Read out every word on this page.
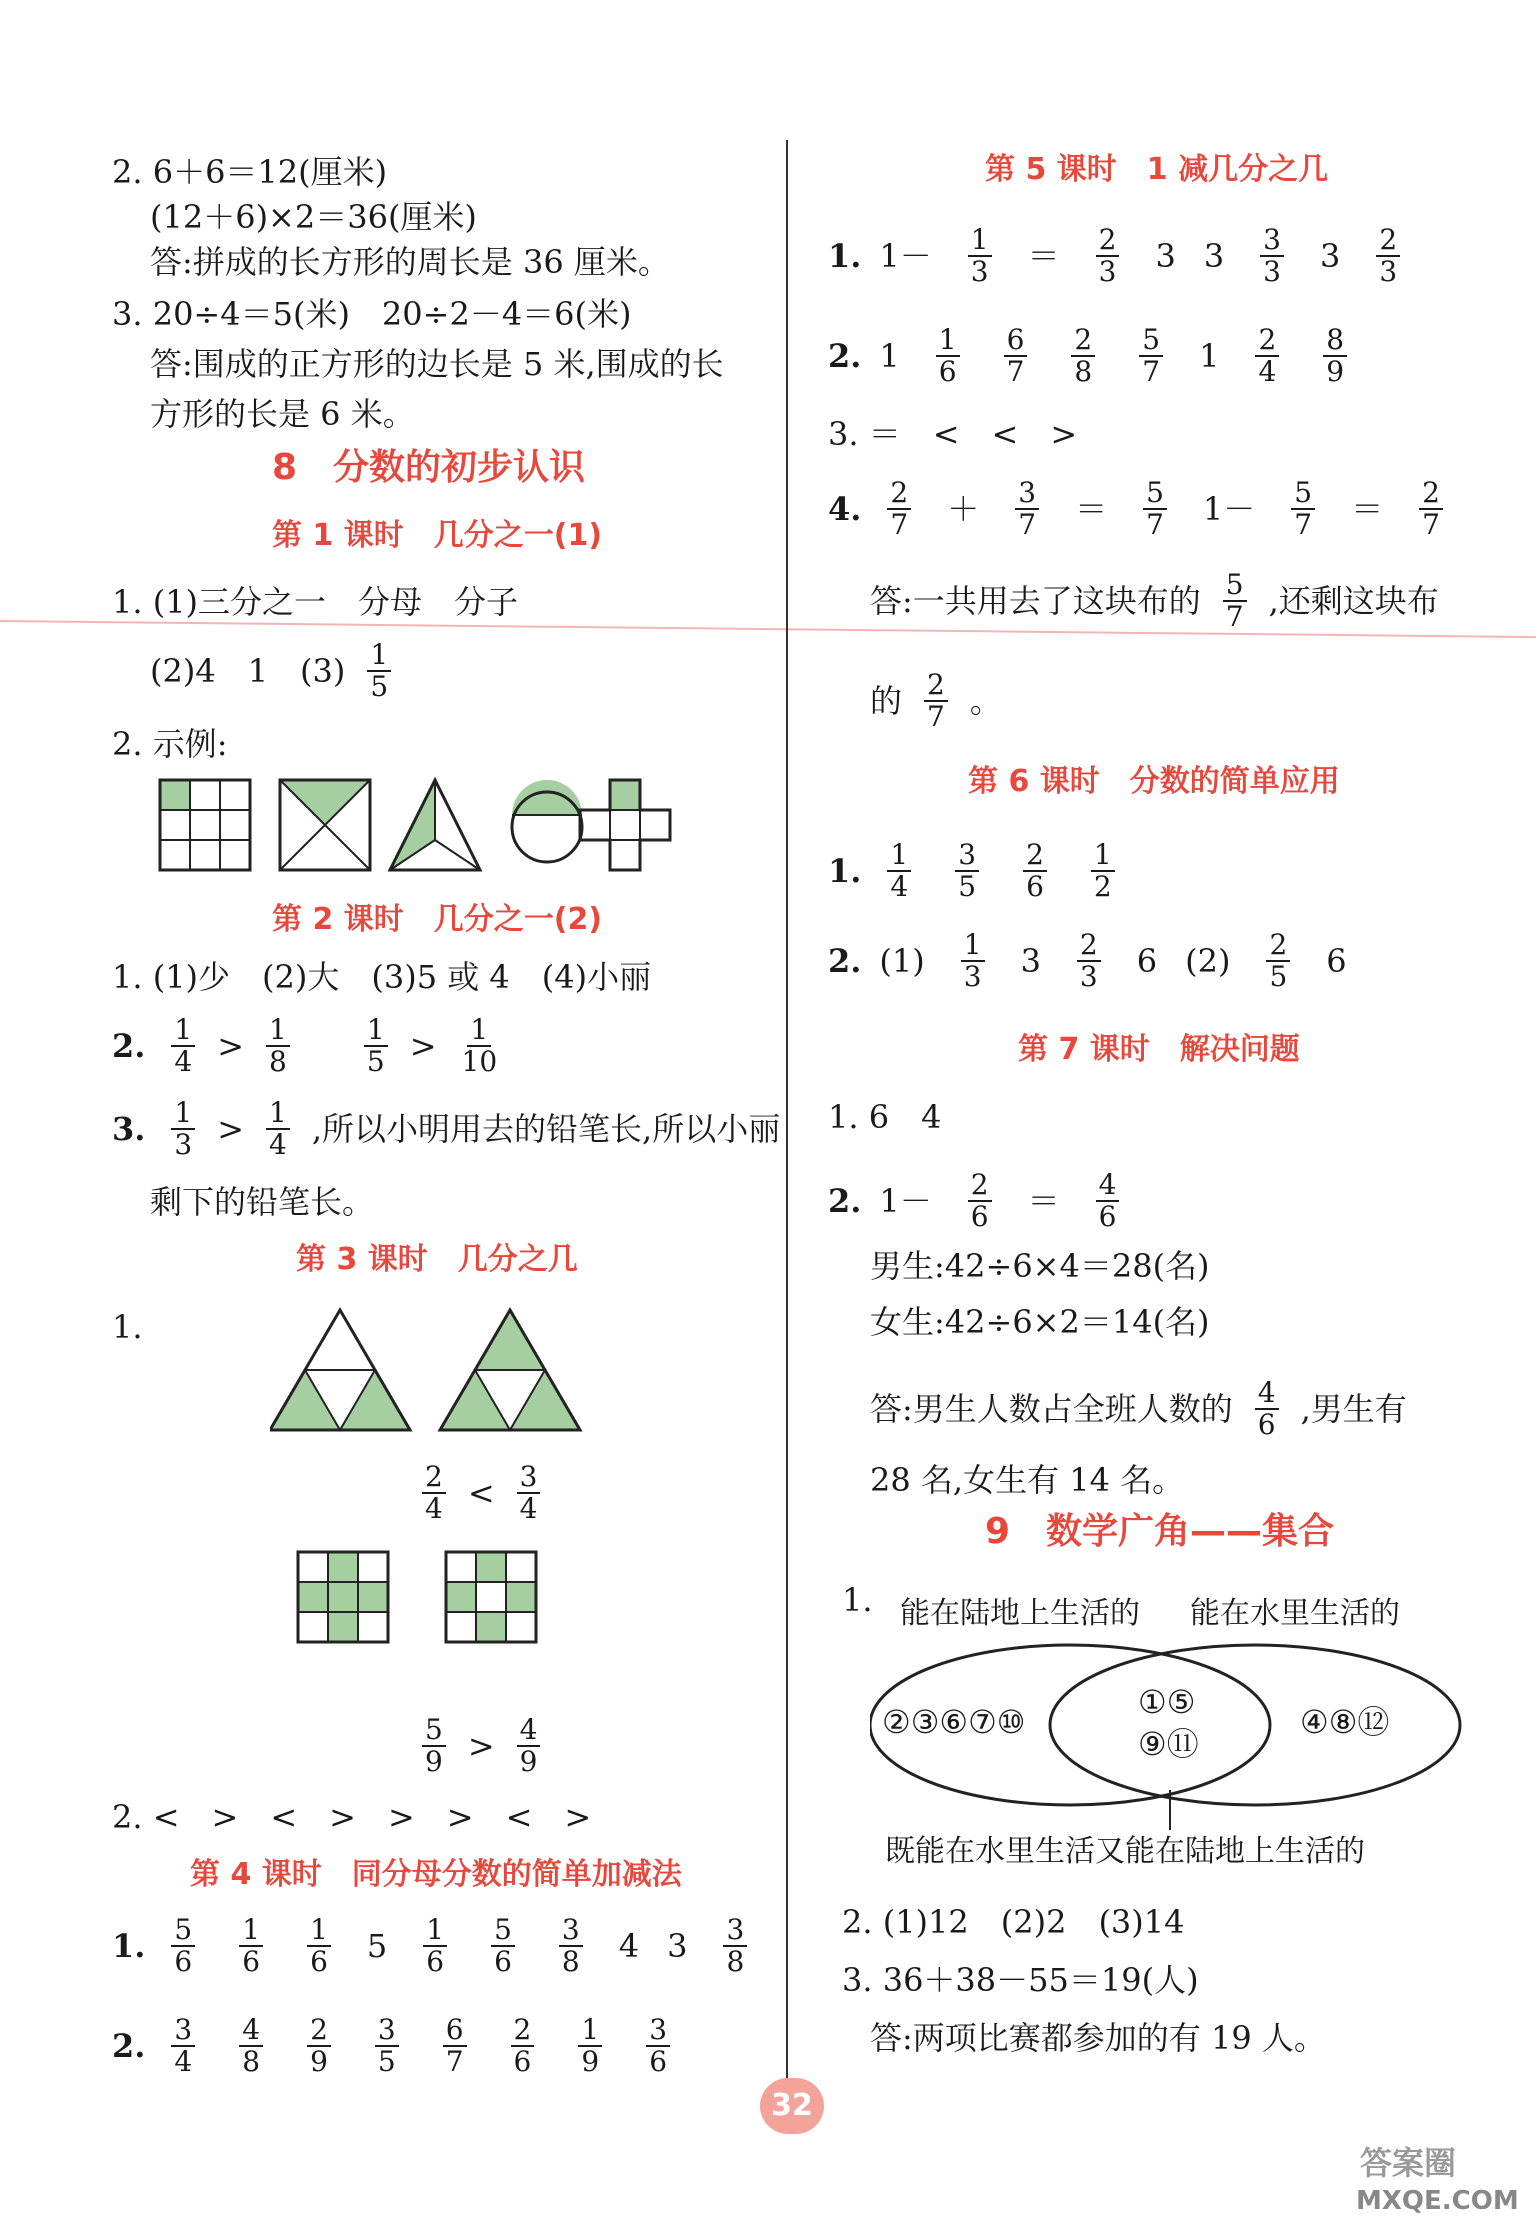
2. 6＋6＝12(厘米)
(12＋6)×2＝36(厘米)
答:拼成的长方形的周长是 36 厘米。
3. 20÷4＝5(米)　20÷2－4＝6(米)
答:围成的正方形的边长是 5 米,围成的长
方形的长是 6 米。
8　分数的初步认识
第 1 课时　几分之一(1)
1. (1)三分之一　分母　分子
(2)4　1　$(3) \frac{1}{5}$
2. 示例:
第 2 课时　几分之一(2)
1. (1)少　(2)大　(3)5 或 4　(4)小丽
2. $\frac{1}{4} > \frac{1}{8}$	$\frac{1}{5} > \frac{1}{10}$
3. $\frac{1}{3} > \frac{1}{4}$ ,所以小明用去的铅笔长,所以小丽
剩下的铅笔长。
第 3 课时　几分之几
1.
$\frac{2}{4} < \frac{3}{4}$
$\frac{5}{9} > \frac{4}{9}$
2. <　>　<　>　>　>　<　>
第 4 课时　同分母分数的简单加减法
1. $\frac{5}{6} \frac{1}{6} \frac{1}{6} 5 \frac{1}{6} \frac{5}{6} \frac{3}{8} 4$ $3 \frac{3}{8}$
2. $\frac{3}{4} \frac{4}{8} \frac{2}{9} \frac{3}{5} \frac{6}{7} \frac{2}{6} \frac{1}{9} \frac{3}{6}$
第 5 课时　1 减几分之几
1. $1- \frac{1}{3} = \frac{2}{3} 3$ $3 \frac{3}{3} 3 \frac{2}{3}$
2. $1 \frac{1}{6} \frac{6}{7} \frac{2}{8} \frac{5}{7} 1 \frac{2}{4} \frac{8}{9}$
3. ＝　<　<　>
4. $\frac{2}{7} + \frac{3}{7} = \frac{5}{7} 1- \frac{5}{7} = \frac{2}{7}$
答:一共用去了这块布的 $\frac{5}{7}$ ,还剩这块布
的 $\frac{2}{7}$ 。
第 6 课时　分数的简单应用
1. $\frac{1}{4} \frac{3}{5} \frac{2}{6} \frac{1}{2}$
2. $(1) \frac{1}{3} 3 \frac{2}{3} 6$ $(2) \frac{2}{5} 6$
第 7 课时　解决问题
1. 6　4
2. $1- \frac{2}{6} = \frac{4}{6}$
男生:42÷6×4＝28(名)
女生:42÷6×2＝14(名)
答:男生人数占全班人数的 $\frac{4}{6}$ ,男生有
28 名,女生有 14 名。
9　数学广角——集合
1. 能在陆地上生活的 能在水里生活的
②③⑥⑦⑩
①⑤
⑨⑪
④⑧⑫
既能在水里生活又能在陆地上生活的
2. (1)12　(2)2　(3)14
3. 36＋38－55＝19(人)
答:两项比赛都参加的有 19 人。
32
答案圈
MXQE.COM
